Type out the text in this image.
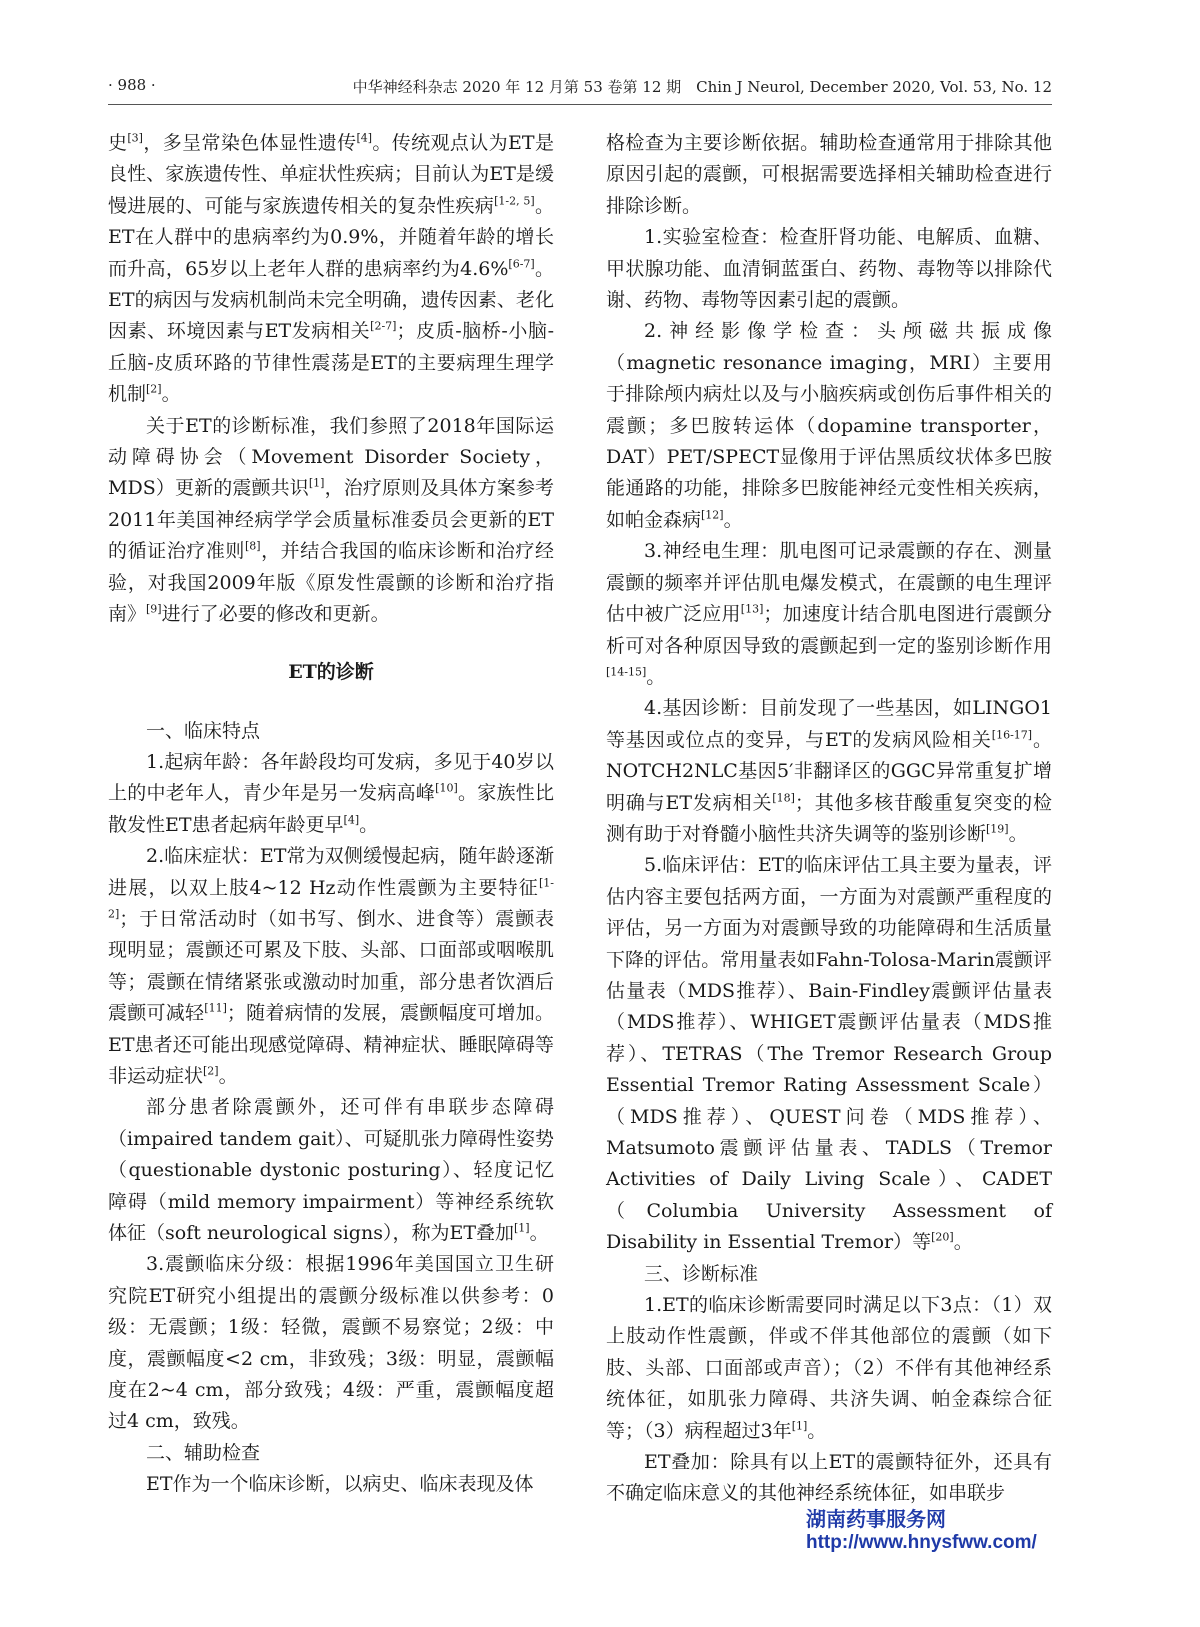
· 988 ·	中华神经科杂志 2020 年 12 月第 53 卷第 12 期　Chin J Neurol, December 2020, Vol. 53, No. 12

史[3]，多呈常染色体显性遗传[4]。传统观点认为ET是良性、家族遗传性、单症状性疾病；目前认为ET是缓慢进展的、可能与家族遗传相关的复杂性疾病[1-2, 5]。ET在人群中的患病率约为0.9%，并随着年龄的增长而升高，65岁以上老年人群的患病率约为4.6%[6-7]。ET的病因与发病机制尚未完全明确，遗传因素、老化因素、环境因素与ET发病相关[2-7]；皮质-脑桥-小脑-丘脑-皮质环路的节律性震荡是ET的主要病理生理学机制[2]。

关于ET的诊断标准，我们参照了2018年国际运动障碍协会（Movement Disorder Society，MDS）更新的震颤共识[1]，治疗原则及具体方案参考2011年美国神经病学学会质量标准委员会更新的ET的循证治疗准则[8]，并结合我国的临床诊断和治疗经验，对我国2009年版《原发性震颤的诊断和治疗指南》[9]进行了必要的修改和更新。

ET的诊断

一、临床特点

1.起病年龄：各年龄段均可发病，多见于40岁以上的中老年人，青少年是另一发病高峰[10]。家族性比散发性ET患者起病年龄更早[4]。

2.临床症状：ET常为双侧缓慢起病，随年龄逐渐进展，以双上肢4~12 Hz动作性震颤为主要特征[1-2]；于日常活动时（如书写、倒水、进食等）震颤表现明显；震颤还可累及下肢、头部、口面部或咽喉肌等；震颤在情绪紧张或激动时加重，部分患者饮酒后震颤可减轻[11]；随着病情的发展，震颤幅度可增加。ET患者还可能出现感觉障碍、精神症状、睡眠障碍等非运动症状[2]。

部分患者除震颤外，还可伴有串联步态障碍（impaired tandem gait）、可疑肌张力障碍性姿势（questionable dystonic posturing）、轻度记忆障碍（mild memory impairment）等神经系统软体征（soft neurological signs），称为ET叠加[1]。

3.震颤临床分级：根据1996年美国国立卫生研究院ET研究小组提出的震颤分级标准以供参考：0级：无震颤；1级：轻微，震颤不易察觉；2级：中度，震颤幅度<2 cm，非致残；3级：明显，震颤幅度在2~4 cm，部分致残；4级：严重，震颤幅度超过4 cm，致残。

二、辅助检查

ET作为一个临床诊断，以病史、临床表现及体

格检查为主要诊断依据。辅助检查通常用于排除其他原因引起的震颤，可根据需要选择相关辅助检查进行排除诊断。

1.实验室检查：检查肝肾功能、电解质、血糖、甲状腺功能、血清铜蓝蛋白、药物、毒物等以排除代谢、药物、毒物等因素引起的震颤。

2.神经影像学检查：头颅磁共振成像（magnetic resonance imaging，MRI）主要用于排除颅内病灶以及与小脑疾病或创伤后事件相关的震颤；多巴胺转运体（dopamine transporter，DAT）PET/SPECT显像用于评估黑质纹状体多巴胺能通路的功能，排除多巴胺能神经元变性相关疾病，如帕金森病[12]。

3.神经电生理：肌电图可记录震颤的存在、测量震颤的频率并评估肌电爆发模式，在震颤的电生理评估中被广泛应用[13]；加速度计结合肌电图进行震颤分析可对各种原因导致的震颤起到一定的鉴别诊断作用[14-15]。

4.基因诊断：目前发现了一些基因，如LINGO1等基因或位点的变异，与ET的发病风险相关[16-17]。NOTCH2NLC基因5′非翻译区的GGC异常重复扩增明确与ET发病相关[18]；其他多核苷酸重复突变的检测有助于对脊髓小脑性共济失调等的鉴别诊断[19]。

5.临床评估：ET的临床评估工具主要为量表，评估内容主要包括两方面，一方面为对震颤严重程度的评估，另一方面为对震颤导致的功能障碍和生活质量下降的评估。常用量表如Fahn-Tolosa-Marin震颤评估量表（MDS推荐）、Bain-Findley震颤评估量表（MDS推荐）、WHIGET震颤评估量表（MDS推荐）、TETRAS（The Tremor Research Group Essential Tremor Rating Assessment Scale）（MDS推荐）、QUEST问卷（MDS推荐）、Matsumoto震颤评估量表、TADLS（Tremor Activities of Daily Living Scale）、CADET（Columbia University Assessment of Disability in Essential Tremor）等[20]。

三、诊断标准

1.ET的临床诊断需要同时满足以下3点：（1）双上肢动作性震颤，伴或不伴其他部位的震颤（如下肢、头部、口面部或声音）；（2）不伴有其他神经系统体征，如肌张力障碍、共济失调、帕金森综合征等；（3）病程超过3年[1]。

ET叠加：除具有以上ET的震颤特征外，还具有不确定临床意义的其他神经系统体征，如串联步

湖南药事服务网
http://www.hnysfww.com/
